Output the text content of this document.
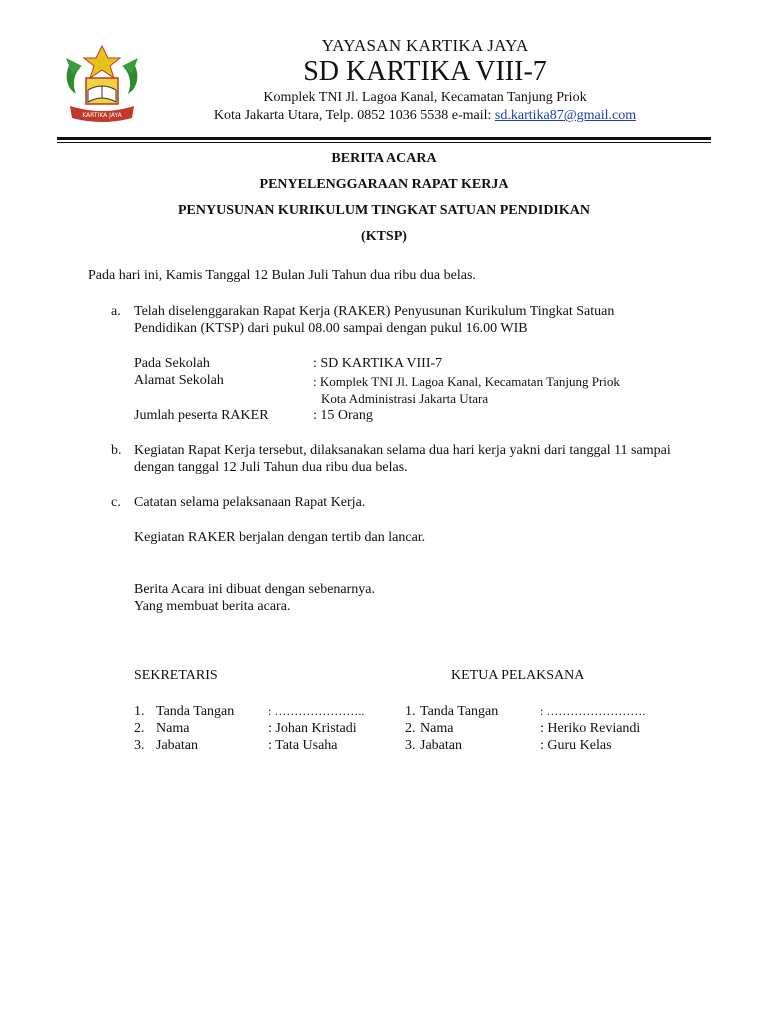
KARTIKA JAYA
YAYASAN KARTIKA JAYA
SD KARTIKA VIII-7
Komplek TNI Jl. Lagoa Kanal, Kecamatan Tanjung Priok
Kota Jakarta Utara, Telp. 0852 1036 5538 e-mail: sd.kartika87@gmail.com
BERITA ACARA
PENYELENGGARAAN RAPAT KERJA
PENYUSUNAN KURIKULUM TINGKAT SATUAN PENDIDIKAN
(KTSP)
Pada hari ini, Kamis Tanggal 12 Bulan Juli Tahun dua ribu dua belas.
a. Telah diselenggarakan Rapat Kerja (RAKER) Penyusunan Kurikulum Tingkat Satuan
Pendidikan (KTSP) dari pukul 08.00 sampai dengan pukul 16.00 WIB
Pada Sekolah	: SD KARTIKA VIII-7
Alamat Sekolah	: Komplek TNI Jl. Lagoa Kanal, Kecamatan Tanjung Priok
Kota Administrasi Jakarta Utara
Jumlah peserta RAKER	: 15 Orang
b. Kegiatan Rapat Kerja tersebut, dilaksanakan selama dua hari kerja yakni dari tanggal 11 sampai
dengan tanggal 12 Juli Tahun dua ribu dua belas.
c. Catatan selama pelaksanaan Rapat Kerja.
Kegiatan RAKER berjalan dengan tertib dan lancar.
Berita Acara ini dibuat dengan sebenarnya.
Yang membuat berita acara.
SEKRETARIS
1. Tanda Tangan	: …………………..
2. Nama	: Johan Kristadi
3. Jabatan	: Tata Usaha
KETUA PELAKSANA
1. Tanda Tangan	: …………………….
2. Nama	: Heriko Reviandi
3. Jabatan	: Guru Kelas
